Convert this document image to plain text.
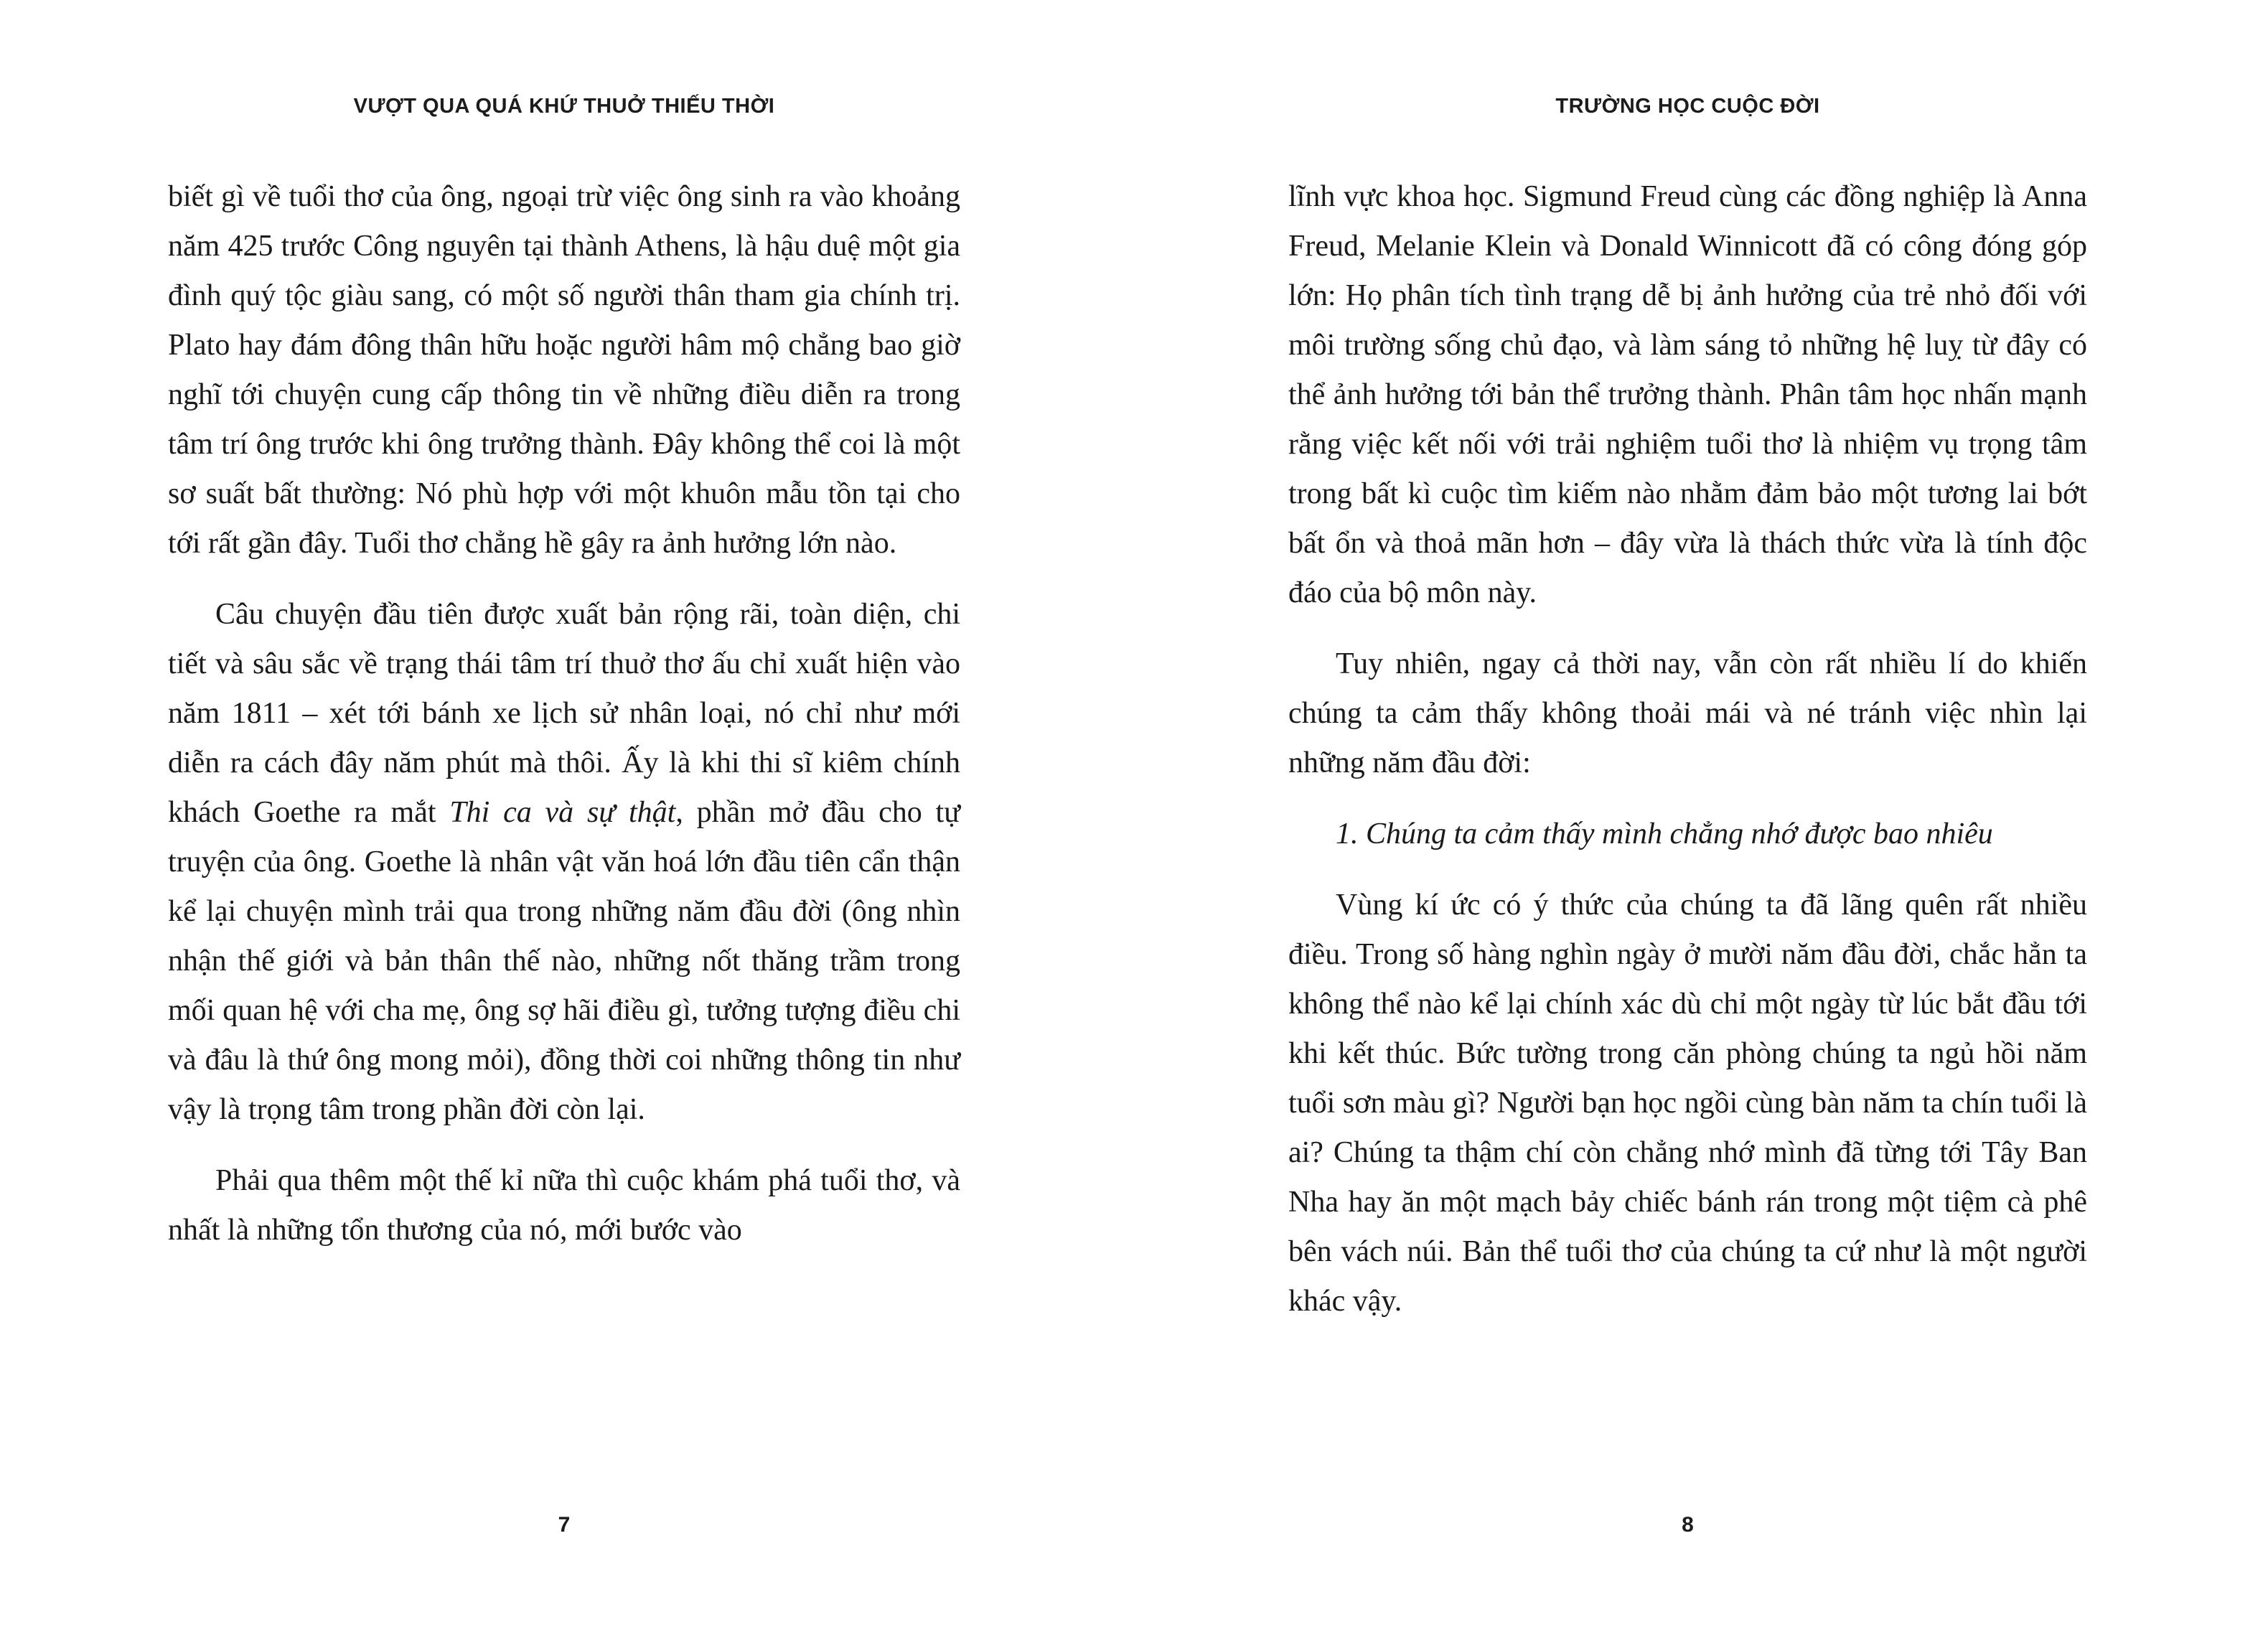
VƯỢT QUA QUÁ KHỨ THUỞ THIẾU THỜI

biết gì về tuổi thơ của ông, ngoại trừ việc ông sinh ra vào khoảng năm 425 trước Công nguyên tại thành Athens, là hậu duệ một gia đình quý tộc giàu sang, có một số người thân tham gia chính trị. Plato hay đám đông thân hữu hoặc người hâm mộ chẳng bao giờ nghĩ tới chuyện cung cấp thông tin về những điều diễn ra trong tâm trí ông trước khi ông trưởng thành. Đây không thể coi là một sơ suất bất thường: Nó phù hợp với một khuôn mẫu tồn tại cho tới rất gần đây. Tuổi thơ chẳng hề gây ra ảnh hưởng lớn nào.

Câu chuyện đầu tiên được xuất bản rộng rãi, toàn diện, chi tiết và sâu sắc về trạng thái tâm trí thuở thơ ấu chỉ xuất hiện vào năm 1811 – xét tới bánh xe lịch sử nhân loại, nó chỉ như mới diễn ra cách đây năm phút mà thôi. Ấy là khi thi sĩ kiêm chính khách Goethe ra mắt Thi ca và sự thật, phần mở đầu cho tự truyện của ông. Goethe là nhân vật văn hoá lớn đầu tiên cẩn thận kể lại chuyện mình trải qua trong những năm đầu đời (ông nhìn nhận thế giới và bản thân thế nào, những nốt thăng trầm trong mối quan hệ với cha mẹ, ông sợ hãi điều gì, tưởng tượng điều chi và đâu là thứ ông mong mỏi), đồng thời coi những thông tin như vậy là trọng tâm trong phần đời còn lại.

Phải qua thêm một thế kỉ nữa thì cuộc khám phá tuổi thơ, và nhất là những tổn thương của nó, mới bước vào

7
TRƯỜNG HỌC CUỘC ĐỜI

lĩnh vực khoa học. Sigmund Freud cùng các đồng nghiệp là Anna Freud, Melanie Klein và Donald Winnicott đã có công đóng góp lớn: Họ phân tích tình trạng dễ bị ảnh hưởng của trẻ nhỏ đối với môi trường sống chủ đạo, và làm sáng tỏ những hệ luỵ từ đây có thể ảnh hưởng tới bản thể trưởng thành. Phân tâm học nhấn mạnh rằng việc kết nối với trải nghiệm tuổi thơ là nhiệm vụ trọng tâm trong bất kì cuộc tìm kiếm nào nhằm đảm bảo một tương lai bớt bất ổn và thoả mãn hơn – đây vừa là thách thức vừa là tính độc đáo của bộ môn này.

Tuy nhiên, ngay cả thời nay, vẫn còn rất nhiều lí do khiến chúng ta cảm thấy không thoải mái và né tránh việc nhìn lại những năm đầu đời:

1. Chúng ta cảm thấy mình chẳng nhớ được bao nhiêu

Vùng kí ức có ý thức của chúng ta đã lãng quên rất nhiều điều. Trong số hàng nghìn ngày ở mười năm đầu đời, chắc hẳn ta không thể nào kể lại chính xác dù chỉ một ngày từ lúc bắt đầu tới khi kết thúc. Bức tường trong căn phòng chúng ta ngủ hồi năm tuổi sơn màu gì? Người bạn học ngồi cùng bàn năm ta chín tuổi là ai? Chúng ta thậm chí còn chẳng nhớ mình đã từng tới Tây Ban Nha hay ăn một mạch bảy chiếc bánh rán trong một tiệm cà phê bên vách núi. Bản thể tuổi thơ của chúng ta cứ như là một người khác vậy.

8
